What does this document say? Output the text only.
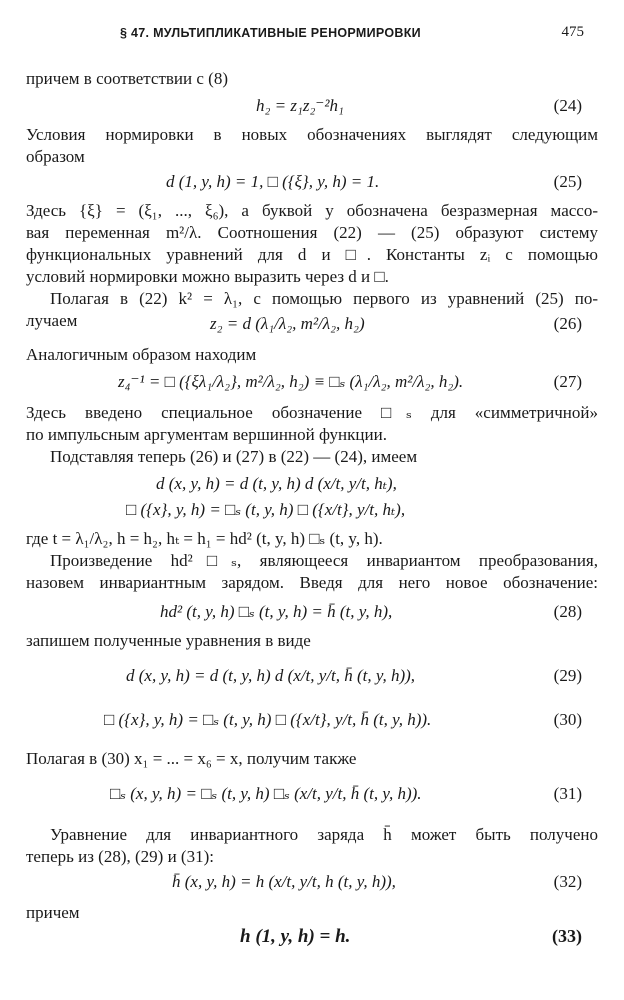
§ 47. МУЛЬТИПЛИКАТИВНЫЕ РЕНОРМИРОВКИ	475
причем в соответствии с (8)
h₂ = z₁z₂⁻²h₁	(24)
Условия нормировки в новых обозначениях выглядят следующим
образом
d (1, y, h) = 1, □ ({ξ}, y, h) = 1.	(25)
Здесь {ξ} = (ξ₁, ..., ξ₆), а буквой y обозначена безразмерная массо-
вая переменная m²/λ. Соотношения (22) — (25) образуют систему
функциональных уравнений для d и □. Константы zᵢ с помощью
условий нормировки можно выразить через d и □.
Полагая в (22) k² = λ₁, с помощью первого из уравнений (25) по-
лучаем	z₂ = d (λ₁/λ₂, m²/λ₂, h₂)	(26)
Аналогичным образом находим
z₄⁻¹ = □ ({ξλ₁/λ₂}, m²/λ₂, h₂) ≡ □ₛ (λ₁/λ₂, m²/λ₂, h₂).	(27)
Здесь введено специальное обозначение □ₛ для «симметричной»
по импульсным аргументам вершинной функции.
Подставляя теперь (26) и (27) в (22) — (24), имеем
d (x, y, h) = d (t, y, h) d (x/t, y/t, hₜ),
□ ({x}, y, h) = □ₛ (t, y, h) □ ({x/t}, y/t, hₜ),
где t = λ₁/λ₂, h = h₂, hₜ = h₁ = hd² (t, y, h) □ₛ (t, y, h).
Произведение hd²□ₛ, являющееся инвариантом преобразования,
назовем инвариантным зарядом. Введя для него новое обозначение:
hd² (t, y, h) □ₛ (t, y, h) = h̄ (t, y, h),	(28)
запишем полученные уравнения в виде
d (x, y, h) = d (t, y, h) d (x/t, y/t, h̄ (t, y, h)),	(29)
□ ({x}, y, h) = □ₛ (t, y, h) □ ({x/t}, y/t, h̄ (t, y, h)).	(30)
Полагая в (30) x₁ = ... = x₆ = x, получим также
□ₛ (x, y, h) = □ₛ (t, y, h) □ₛ (x/t, y/t, h̄ (t, y, h)).	(31)
Уравнение для инвариантного заряда h̄ может быть получено
теперь из (28), (29) и (31):
h̄ (x, y, h) = h (x/t, y/t, h (t, y, h)),	(32)
причем
h (1, y, h) = h.	(33)
